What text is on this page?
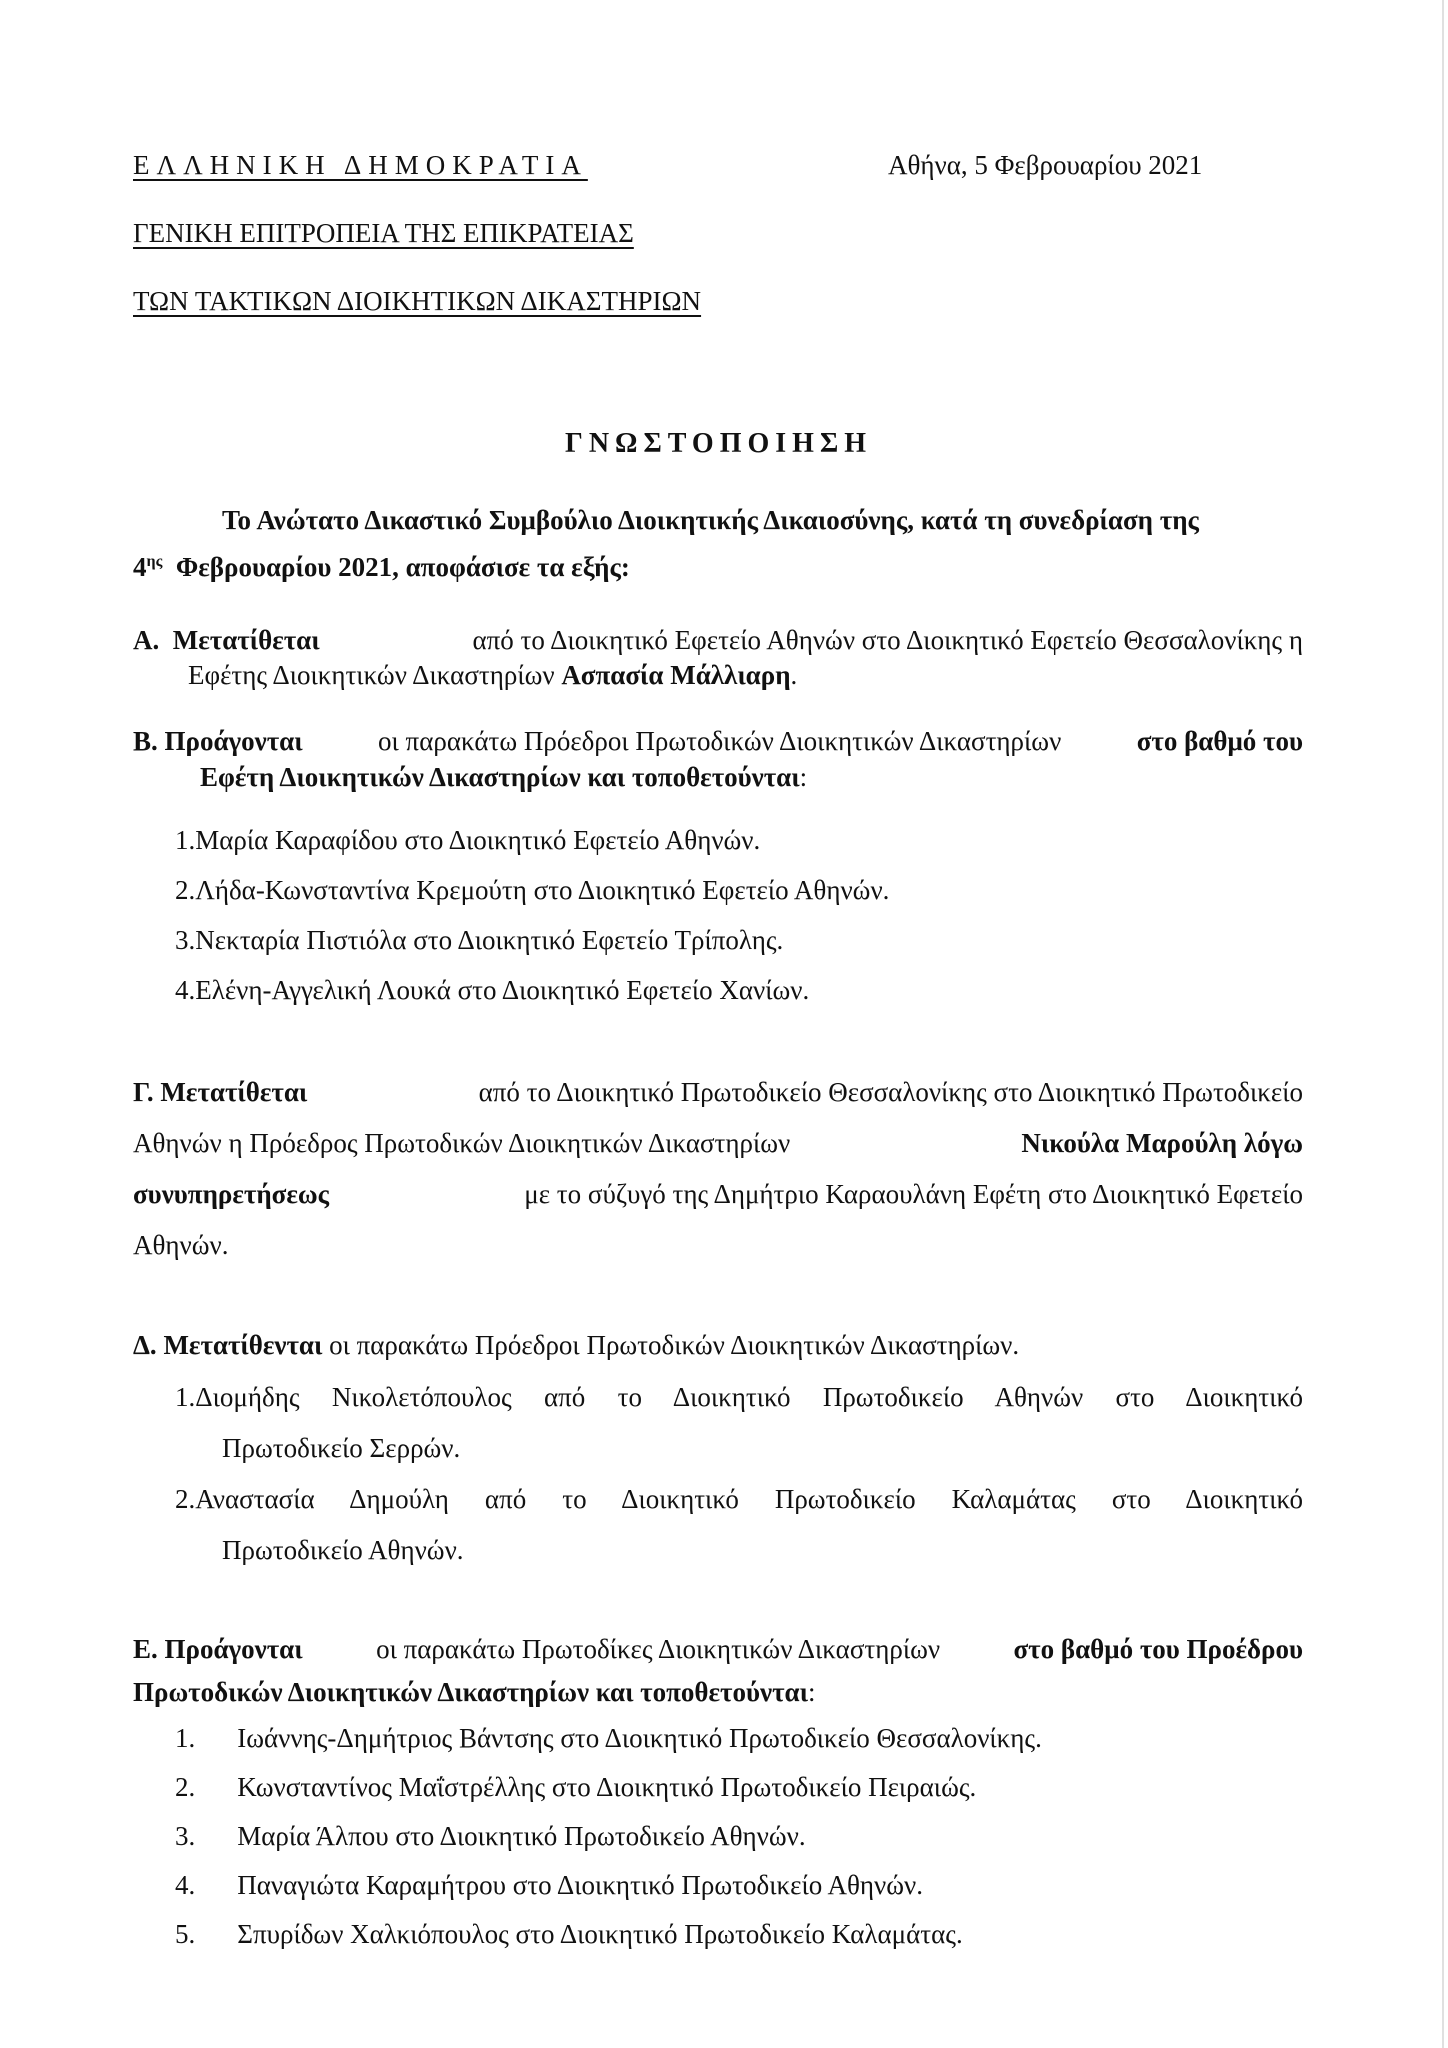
ΕΛΛΗΝΙΚΗ ΔΗΜΟΚΡΑΤΙΑ	Αθήνα, 5 Φεβρουαρίου 2021
ΓΕΝΙΚΗ ΕΠΙΤΡΟΠΕΙΑ ΤΗΣ ΕΠΙΚΡΑΤΕΙΑΣ
ΤΩΝ ΤΑΚΤΙΚΩΝ ΔΙΟΙΚΗΤΙΚΩΝ ΔΙΚΑΣΤΗΡΙΩΝ
ΓΝΩΣΤΟΠΟΙΗΣΗ
Το Ανώτατο Δικαστικό Συμβούλιο Διοικητικής Δικαιοσύνης, κατά τη συνεδρίαση της
$4^{\eta\varsigma}$ Φεβρουαρίου 2021, αποφάσισε τα εξής:
Α. Μετατίθεται	από το Διοικητικό Εφετείο Αθηνών στο Διοικητικό Εφετείο Θεσσαλονίκης η
Εφέτης Διοικητικών Δικαστηρίων Ασπασία Μάλλιαρη.
Β. Προάγονται	οι παρακάτω Πρόεδροι Πρωτοδικών Διοικητικών Δικαστηρίων	στο βαθμό του
Εφέτη Διοικητικών Δικαστηρίων και τοποθετούνται:
1.Μαρία Καραφίδου στο Διοικητικό Εφετείο Αθηνών.
2.Λήδα-Κωνσταντίνα Κρεμούτη στο Διοικητικό Εφετείο Αθηνών.
3.Νεκταρία Πιστιόλα στο Διοικητικό Εφετείο Τρίπολης.
4.Ελένη-Αγγελική Λουκά στο Διοικητικό Εφετείο Χανίων.
Γ. Μετατίθεται	από το Διοικητικό Πρωτοδικείο Θεσσαλονίκης στο Διοικητικό Πρωτοδικείο
Αθηνών η Πρόεδρος Πρωτοδικών Διοικητικών Δικαστηρίων	Νικούλα Μαρούλη λόγω
συνυπηρετήσεως	με το σύζυγό της Δημήτριο Καραουλάνη Εφέτη στο Διοικητικό Εφετείο
Αθηνών.
Δ. Μετατίθενται οι παρακάτω Πρόεδροι Πρωτοδικών Διοικητικών Δικαστηρίων.
1. Διομήδης Νικολετόπουλος από το Διοικητικό Πρωτοδικείο Αθηνών στο Διοικητικό
Πρωτοδικείο Σερρών.
2. Αναστασία Δημούλη από το Διοικητικό Πρωτοδικείο Καλαμάτας στο Διοικητικό
Πρωτοδικείο Αθηνών.
Ε. Προάγονται	οι παρακάτω Πρωτοδίκες Διοικητικών Δικαστηρίων	στο βαθμό του Προέδρου
Πρωτοδικών Διοικητικών Δικαστηρίων και τοποθετούνται:
1. Ιωάννης-Δημήτριος Βάντσης στο Διοικητικό Πρωτοδικείο Θεσσαλονίκης.
2. Κωνσταντίνος Μαΐστρέλλης στο Διοικητικό Πρωτοδικείο Πειραιώς.
3. Μαρία Άλπου στο Διοικητικό Πρωτοδικείο Αθηνών.
4. Παναγιώτα Καραμήτρου στο Διοικητικό Πρωτοδικείο Αθηνών.
5. Σπυρίδων Χαλκιόπουλος στο Διοικητικό Πρωτοδικείο Καλαμάτας.
